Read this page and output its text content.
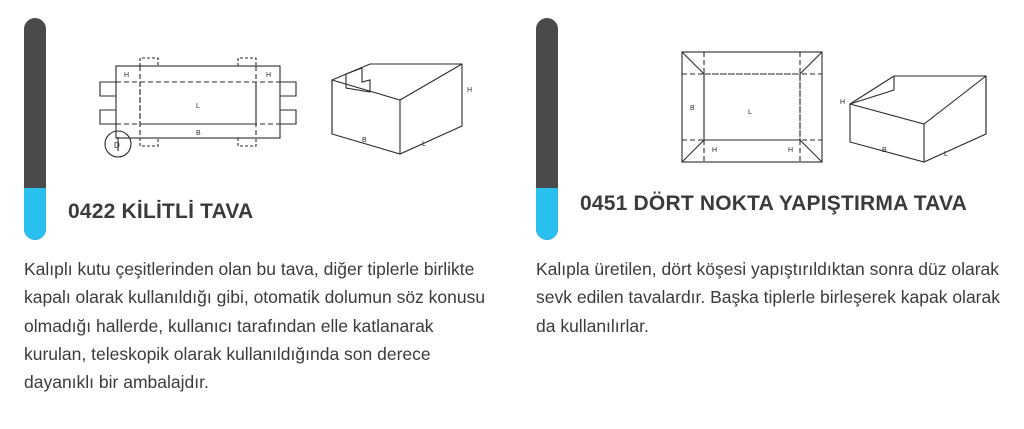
L
H	H
B
D
H
L
B
0422 KİLİTLİ TAVA
Kalıplı kutu çeşitlerinden olan bu tava, diğer tiplerle birlikte kapalı olarak kullanıldığı gibi, otomatik dolumun söz konusu olmadığı hallerde, kullanıcı tarafından elle katlanarak kurulan, teleskopik olarak kullanıldığında son derece dayanıklı bir ambalajdır.
B
L
H	H
H
L
B
0451 DÖRT NOKTA YAPIŞTIRMA TAVA
Kalıpla üretilen, dört köşesi yapıştırıldıktan sonra düz olarak sevk edilen tavalardır. Başka tiplerle birleşerek kapak olarak da kullanılırlar.
